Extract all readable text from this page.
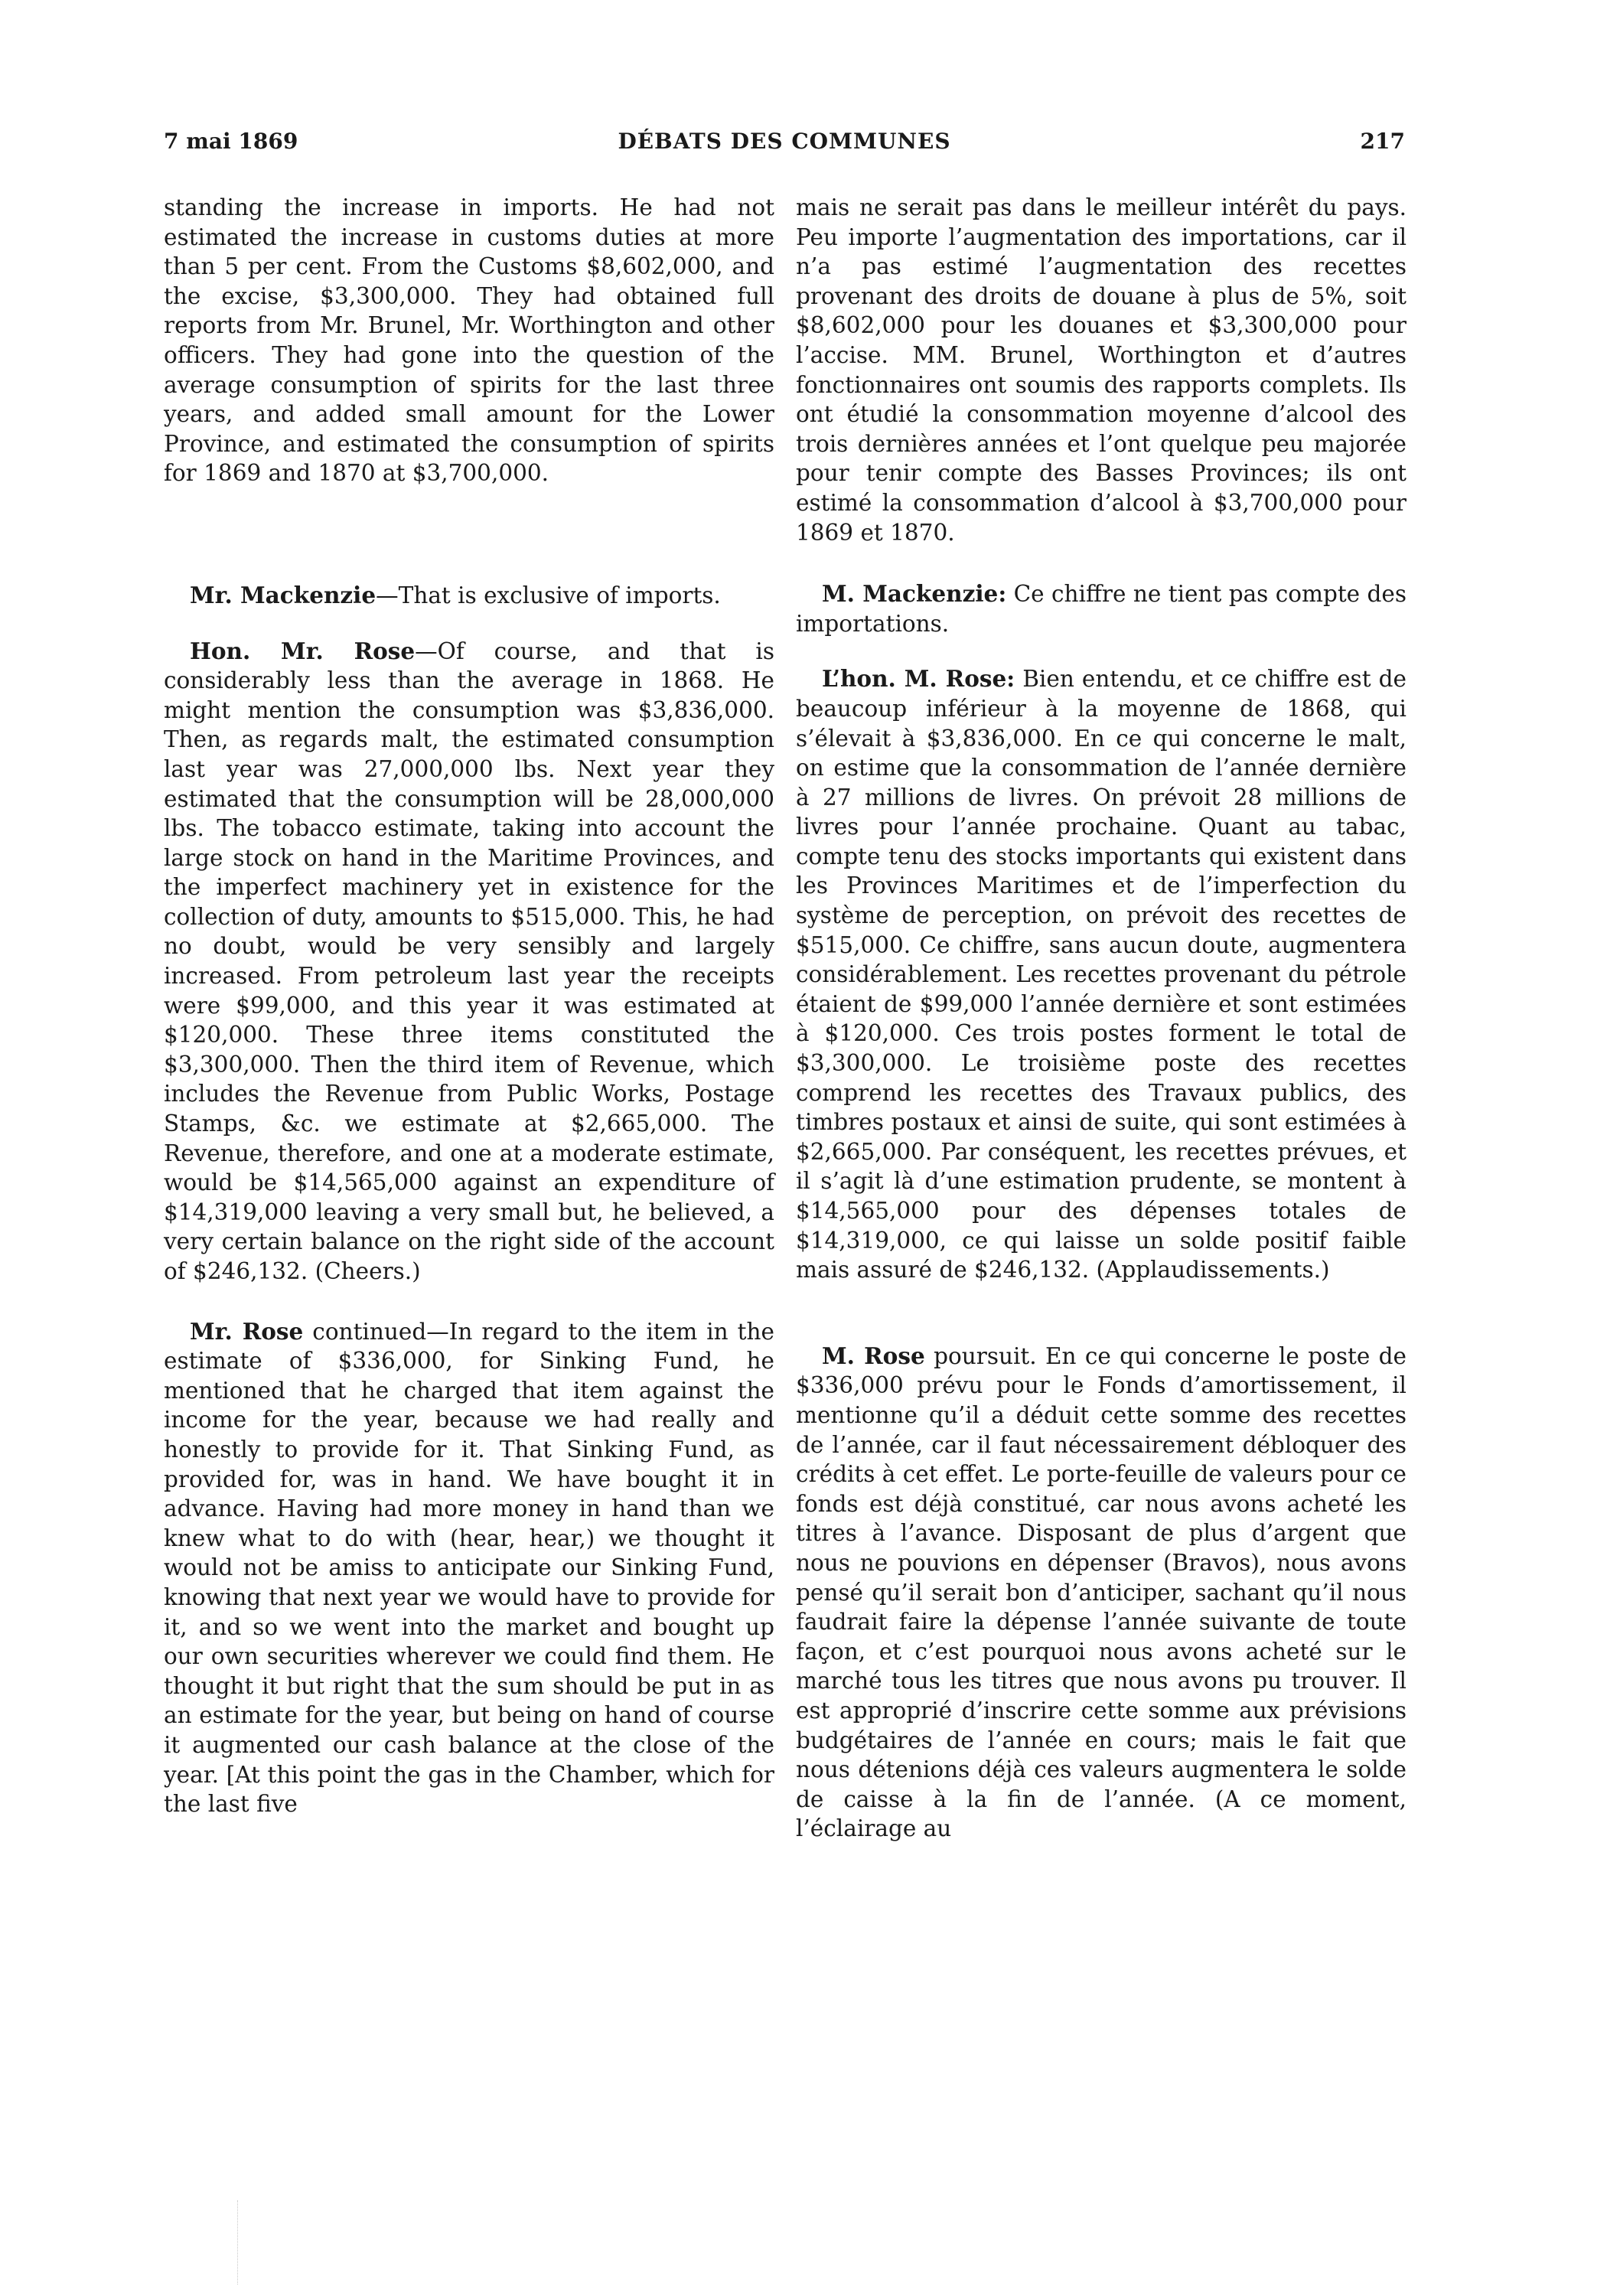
7 mai 1869	DÉBATS DES COMMUNES	217

standing the increase in imports. He had not estimated the increase in customs duties at more than 5 per cent. From the Customs $8,602,000, and the excise, $3,300,000. They had obtained full reports from Mr. Brunel, Mr. Worthington and other officers. They had gone into the question of the average consumption of spirits for the last three years, and added small amount for the Lower Province, and estimated the consumption of spirits for 1869 and 1870 at $3,700,000.

Mr. Mackenzie—That is exclusive of imports.

Hon. Mr. Rose—Of course, and that is considerably less than the average in 1868. He might mention the consumption was $3,836,000. Then, as regards malt, the estimated consumption last year was 27,000,000 lbs. Next year they estimated that the consumption will be 28,000,000 lbs. The tobacco estimate, taking into account the large stock on hand in the Maritime Provinces, and the imperfect machinery yet in existence for the collection of duty, amounts to $515,000. This, he had no doubt, would be very sensibly and largely increased. From petroleum last year the receipts were $99,000, and this year it was estimated at $120,000. These three items constituted the $3,300,000. Then the third item of Revenue, which includes the Revenue from Public Works, Postage Stamps, &c. we estimate at $2,665,000. The Revenue, therefore, and one at a moderate estimate, would be $14,565,000 against an expenditure of $14,319,000 leaving a very small but, he believed, a very certain balance on the right side of the account of $246,132. (Cheers.)

Mr. Rose continued—In regard to the item in the estimate of $336,000, for Sinking Fund, he mentioned that he charged that item against the income for the year, because we had really and honestly to provide for it. That Sinking Fund, as provided for, was in hand. We have bought it in advance. Having had more money in hand than we knew what to do with (hear, hear,) we thought it would not be amiss to anticipate our Sinking Fund, knowing that next year we would have to provide for it, and so we went into the market and bought up our own securities wherever we could find them. He thought it but right that the sum should be put in as an estimate for the year, but being on hand of course it augmented our cash balance at the close of the year. [At this point the gas in the Chamber, which for the last five

mais ne serait pas dans le meilleur intérêt du pays. Peu importe l’augmentation des importations, car il n’a pas estimé l’augmentation des recettes provenant des droits de douane à plus de 5%, soit $8,602,000 pour les douanes et $3,300,000 pour l’accise. MM. Brunel, Worthington et d’autres fonctionnaires ont soumis des rapports complets. Ils ont étudié la consommation moyenne d’alcool des trois dernières années et l’ont quelque peu majorée pour tenir compte des Basses Provinces; ils ont estimé la consommation d’alcool à $3,700,000 pour 1869 et 1870.

M. Mackenzie: Ce chiffre ne tient pas compte des importations.

L’hon. M. Rose: Bien entendu, et ce chiffre est de beaucoup inférieur à la moyenne de 1868, qui s’élevait à $3,836,000. En ce qui concerne le malt, on estime que la consommation de l’année dernière à 27 millions de livres. On prévoit 28 millions de livres pour l’année prochaine. Quant au tabac, compte tenu des stocks importants qui existent dans les Provinces Maritimes et de l’imperfection du système de perception, on prévoit des recettes de $515,000. Ce chiffre, sans aucun doute, augmentera considérablement. Les recettes provenant du pétrole étaient de $99,000 l’année dernière et sont estimées à $120,000. Ces trois postes forment le total de $3,300,000. Le troisième poste des recettes comprend les recettes des Travaux publics, des timbres postaux et ainsi de suite, qui sont estimées à $2,665,000. Par conséquent, les recettes prévues, et il s’agit là d’une estimation prudente, se montent à $14,565,000 pour des dépenses totales de $14,319,000, ce qui laisse un solde positif faible mais assuré de $246,132. (Applaudissements.)

M. Rose poursuit. En ce qui concerne le poste de $336,000 prévu pour le Fonds d’amortissement, il mentionne qu’il a déduit cette somme des recettes de l’année, car il faut nécessairement débloquer des crédits à cet effet. Le porte-feuille de valeurs pour ce fonds est déjà constitué, car nous avons acheté les titres à l’avance. Disposant de plus d’argent que nous ne pouvions en dépenser (Bravos), nous avons pensé qu’il serait bon d’anticiper, sachant qu’il nous faudrait faire la dépense l’année suivante de toute façon, et c’est pourquoi nous avons acheté sur le marché tous les titres que nous avons pu trouver. Il est approprié d’inscrire cette somme aux prévisions budgétaires de l’année en cours; mais le fait que nous détenions déjà ces valeurs augmentera le solde de caisse à la fin de l’année. (A ce moment, l’éclairage au
